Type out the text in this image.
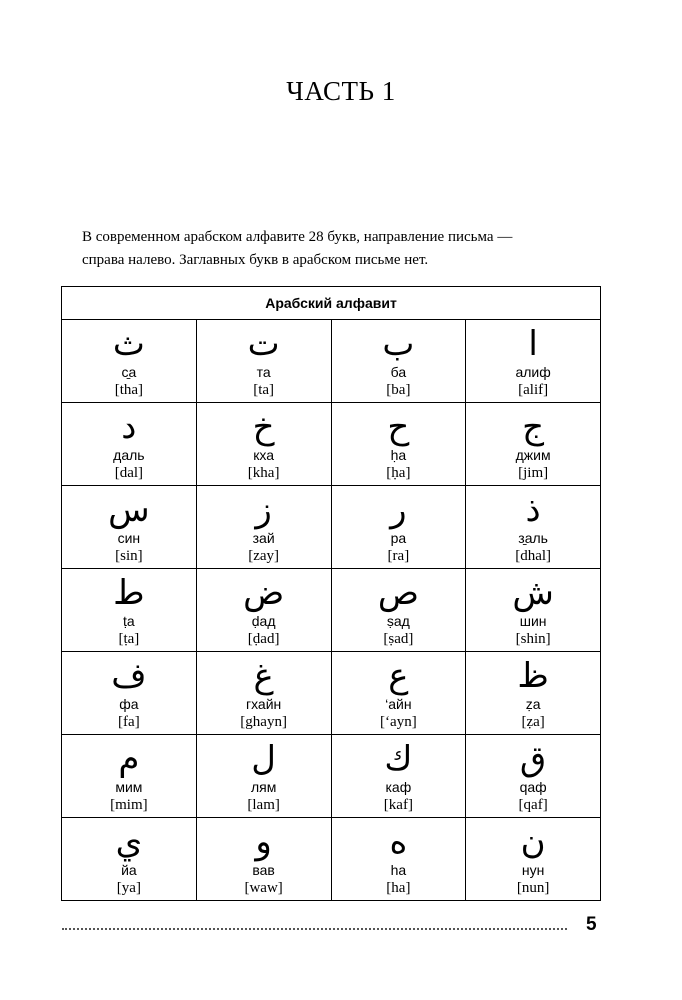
ЧАСТЬ 1

В современном арабском алфавите 28 букв, направление письма —

справа налево. Заглавных букв в арабском письме нет.

Арабский алфавит			

ث
с̱а
[tha]	ت
та
[ta]	ب
ба
[ba]	ا
алиф
[alif]

د
даль
[dal]	خ
кха
[kha]	ح
ḥа
[ḥa]	ج
джим
[jim]

س
син
[sin]	ز
зай
[zay]	ر
ра
[ra]	ذ
з̱аль
[dhal]

ط
ṭа
[ṭa]	ض
ḍад
[ḍad]	ص
ṣад
[ṣad]	ش
шин
[shin]

ف
фа
[fa]	غ
гхайн
[ghayn]	ع
‘айн
[‘ayn]	ظ
ẓа
[ẓa]

م
мим
[mim]	ل
лям
[lam]	ك
каф
[kaf]	ق
qаф
[qaf]

ي
йа
[ya]	و
вав
[waw]	ه
ha
[ha]	ن
нун
[nun]
5
